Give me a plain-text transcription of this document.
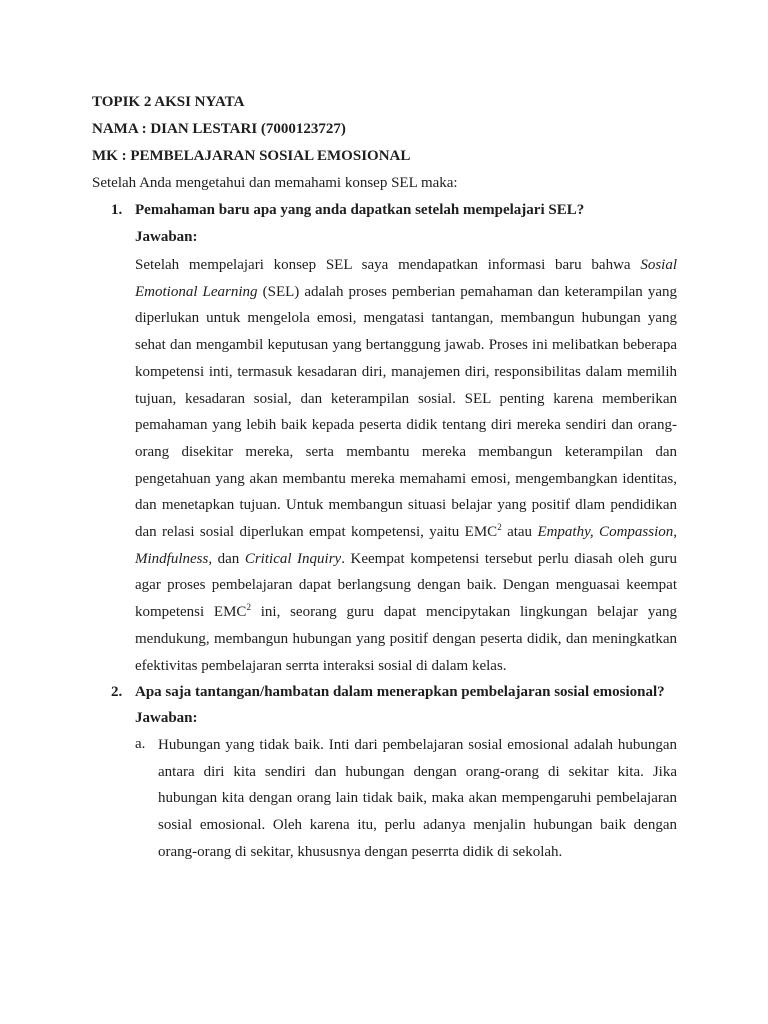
TOPIK 2 AKSI NYATA
NAMA : DIAN LESTARI (7000123727)
MK : PEMBELAJARAN SOSIAL EMOSIONAL
Setelah Anda mengetahui dan memahami konsep SEL maka:
1. Pemahaman baru apa yang anda dapatkan setelah mempelajari SEL?
Jawaban:
Setelah mempelajari konsep SEL saya mendapatkan informasi baru bahwa Sosial Emotional Learning (SEL) adalah proses pemberian pemahaman dan keterampilan yang diperlukan untuk mengelola emosi, mengatasi tantangan, membangun hubungan yang sehat dan mengambil keputusan yang bertanggung jawab. Proses ini melibatkan beberapa kompetensi inti, termasuk kesadaran diri, manajemen diri, responsibilitas dalam memilih tujuan, kesadaran sosial, dan keterampilan sosial. SEL penting karena memberikan pemahaman yang lebih baik kepada peserta didik tentang diri mereka sendiri dan orang-orang disekitar mereka, serta membantu mereka membangun keterampilan dan pengetahuan yang akan membantu mereka memahami emosi, mengembangkan identitas, dan menetapkan tujuan. Untuk membangun situasi belajar yang positif dlam pendidikan dan relasi sosial diperlukan empat kompetensi, yaitu EMC$^2$ atau Empathy, Compassion, Mindfulness, dan Critical Inquiry. Keempat kompetensi tersebut perlu diasah oleh guru agar proses pembelajaran dapat berlangsung dengan baik. Dengan menguasai keempat kompetensi EMC$^2$ ini, seorang guru dapat mencipytakan lingkungan belajar yang mendukung, membangun hubungan yang positif dengan peserta didik, dan meningkatkan efektivitas pembelajaran serrta interaksi sosial di dalam kelas.
2. Apa saja tantangan/hambatan dalam menerapkan pembelajaran sosial emosional?
Jawaban:
a. Hubungan yang tidak baik. Inti dari pembelajaran sosial emosional adalah hubungan antara diri kita sendiri dan hubungan dengan orang-orang di sekitar kita. Jika hubungan kita dengan orang lain tidak baik, maka akan mempengaruhi pembelajaran sosial emosional. Oleh karena itu, perlu adanya menjalin hubungan baik dengan orang-orang di sekitar, khususnya dengan peserrta didik di sekolah.
